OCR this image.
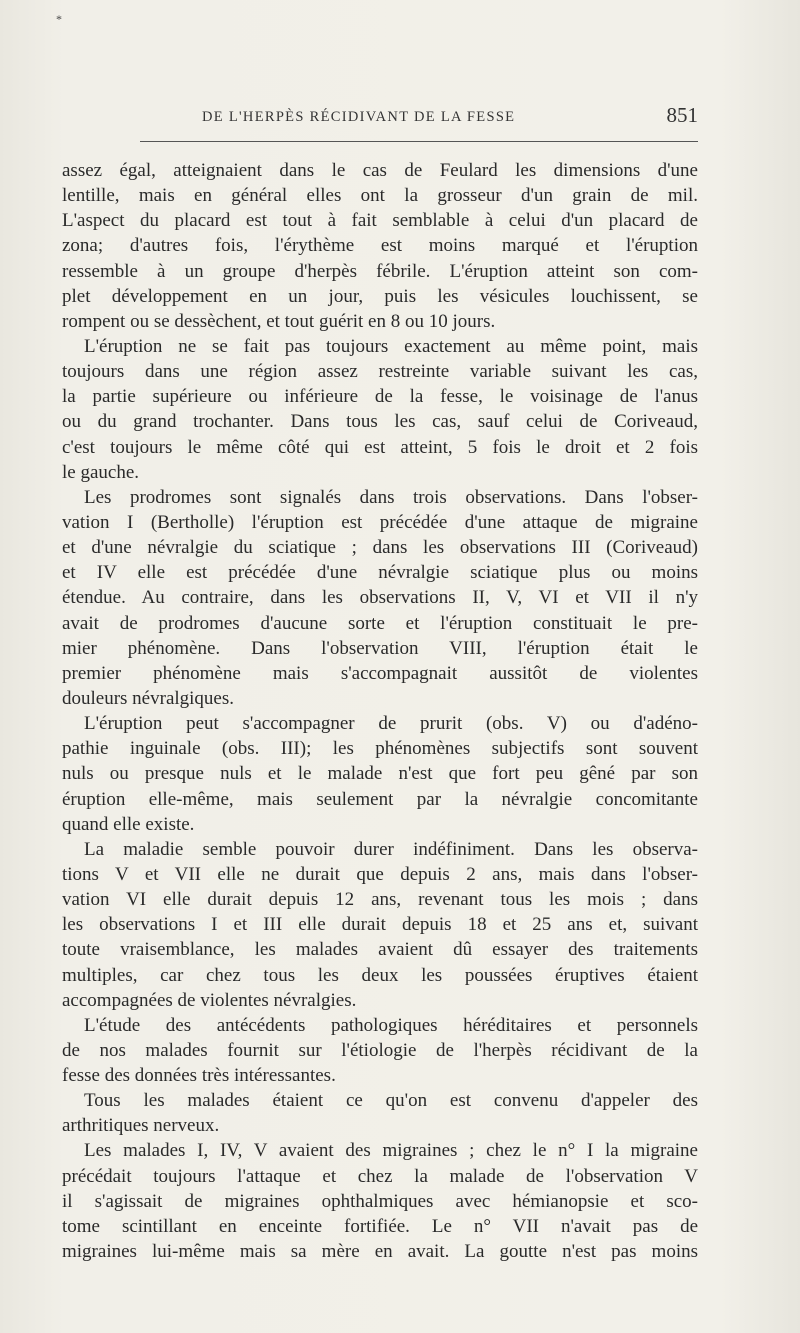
*
DE L'HERPÈS RÉCIDIVANT DE LA FESSE	851
assez égal, atteignaient dans le cas de Feulard les dimensions d'une
lentille, mais en général elles ont la grosseur d'un grain de mil.
L'aspect du placard est tout à fait semblable à celui d'un placard de
zona; d'autres fois, l'érythème est moins marqué et l'éruption
ressemble à un groupe d'herpès fébrile. L'éruption atteint son com-
plet développement en un jour, puis les vésicules louchissent, se
rompent ou se dessèchent, et tout guérit en 8 ou 10 jours.
L'éruption ne se fait pas toujours exactement au même point, mais
toujours dans une région assez restreinte variable suivant les cas,
la partie supérieure ou inférieure de la fesse, le voisinage de l'anus
ou du grand trochanter. Dans tous les cas, sauf celui de Coriveaud,
c'est toujours le même côté qui est atteint, 5 fois le droit et 2 fois
le gauche.
Les prodromes sont signalés dans trois observations. Dans l'obser-
vation I (Bertholle) l'éruption est précédée d'une attaque de migraine
et d'une névralgie du sciatique ; dans les observations III (Coriveaud)
et IV elle est précédée d'une névralgie sciatique plus ou moins
étendue. Au contraire, dans les observations II, V, VI et VII il n'y
avait de prodromes d'aucune sorte et l'éruption constituait le pre-
mier phénomène. Dans l'observation VIII, l'éruption était le
premier phénomène mais s'accompagnait aussitôt de violentes
douleurs névralgiques.
L'éruption peut s'accompagner de prurit (obs. V) ou d'adéno-
pathie inguinale (obs. III); les phénomènes subjectifs sont souvent
nuls ou presque nuls et le malade n'est que fort peu gêné par son
éruption elle-même, mais seulement par la névralgie concomitante
quand elle existe.
La maladie semble pouvoir durer indéfiniment. Dans les observa-
tions V et VII elle ne durait que depuis 2 ans, mais dans l'obser-
vation VI elle durait depuis 12 ans, revenant tous les mois ; dans
les observations I et III elle durait depuis 18 et 25 ans et, suivant
toute vraisemblance, les malades avaient dû essayer des traitements
multiples, car chez tous les deux les poussées éruptives étaient
accompagnées de violentes névralgies.
L'étude des antécédents pathologiques héréditaires et personnels
de nos malades fournit sur l'étiologie de l'herpès récidivant de la
fesse des données très intéressantes.
Tous les malades étaient ce qu'on est convenu d'appeler des
arthritiques nerveux.
Les malades I, IV, V avaient des migraines ; chez le n° I la migraine
précédait toujours l'attaque et chez la malade de l'observation V
il s'agissait de migraines ophthalmiques avec hémianopsie et sco-
tome scintillant en enceinte fortifiée. Le n° VII n'avait pas de
migraines lui-même mais sa mère en avait. La goutte n'est pas moins
